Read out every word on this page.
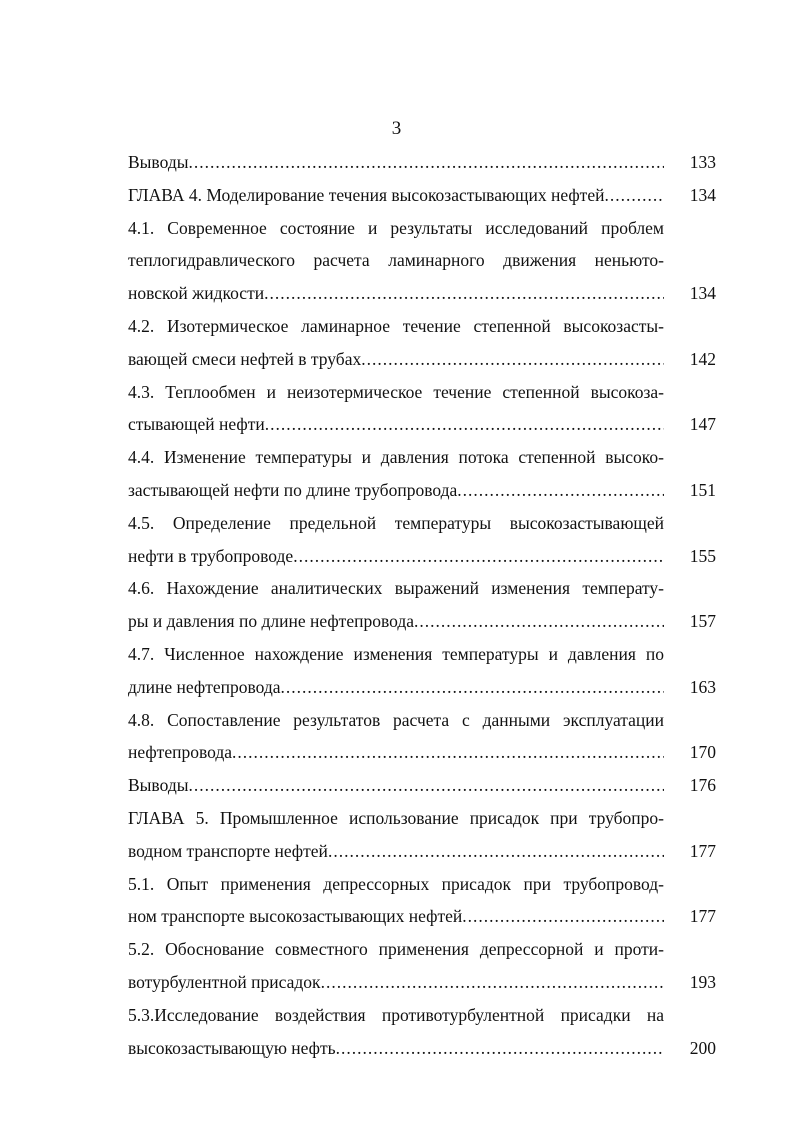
3
Выводы .....	133
ГЛАВА 4. Моделирование течения высокозастывающих нефтей .....	134
4.1. Современное состояние и результаты исследований проблем
теплогидравлического расчета ламинарного движения неньюто-
новской жидкости .....	134
4.2. Изотермическое ламинарное течение степенной высокозасты-
вающей смеси нефтей в трубах .....	142
4.3. Теплообмен и неизотермическое течение степенной высокоза-
стывающей нефти .....	147
4.4. Изменение температуры и давления потока степенной высоко-
застывающей нефти по длине трубопровода .....	151
4.5. Определение предельной температуры высокозастывающей
нефти в трубопроводе .....	155
4.6. Нахождение аналитических выражений изменения температу-
ры и давления по длине нефтепровода .....	157
4.7. Численное нахождение изменения температуры и давления по
длине нефтепровода .....	163
4.8. Сопоставление результатов расчета с данными эксплуатации
нефтепровода .....	170
Выводы .....	176
ГЛАВА 5. Промышленное использование присадок при трубопро-
водном транспорте нефтей .....	177
5.1. Опыт применения депрессорных присадок при трубопровод-
ном транспорте высокозастывающих нефтей .....	177
5.2. Обоснование совместного применения депрессорной и проти-
вотурбулентной присадок .....	193
5.3.Исследование воздействия противотурбулентной присадки на
высокозастывающую нефть .....	200
